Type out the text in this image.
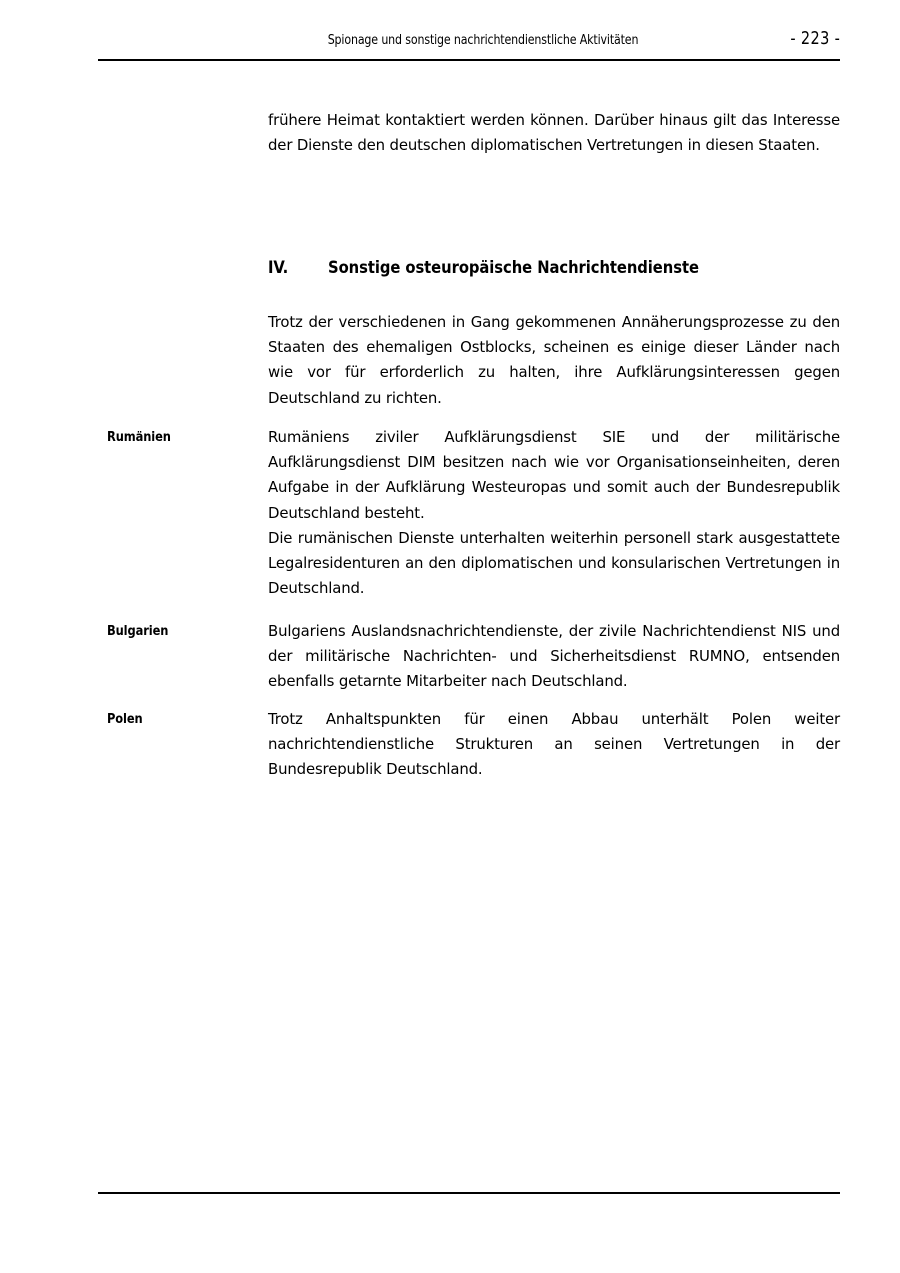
Spionage und sonstige nachrichtendienstliche Aktivitäten	- 223 -
frühere Heimat kontaktiert werden können. Darüber hinaus gilt das Interesse der Dienste den deutschen diplomatischen Vertretungen in diesen Staaten.
IV. Sonstige osteuropäische Nachrichtendienste
Trotz der verschiedenen in Gang gekommenen Annäherungsprozesse zu den Staaten des ehemaligen Ostblocks, scheinen es einige dieser Länder nach wie vor für erforderlich zu halten, ihre Aufklärungsinteressen gegen Deutschland zu richten.
Rumänien	Rumäniens ziviler Aufklärungsdienst SIE und der militärische Aufklärungsdienst DIM besitzen nach wie vor Organisationseinheiten, deren Aufgabe in der Aufklärung Westeuropas und somit auch der Bundesrepublik Deutschland besteht.
Die rumänischen Dienste unterhalten weiterhin personell stark ausgestattete Legalresidenturen an den diplomatischen und konsularischen Vertretungen in Deutschland.
Bulgarien	Bulgariens Auslandsnachrichtendienste, der zivile Nachrichtendienst NIS und der militärische Nachrichten- und Sicherheitsdienst RUMNO, entsenden ebenfalls getarnte Mitarbeiter nach Deutschland.
Polen	Trotz Anhaltspunkten für einen Abbau unterhält Polen weiter nachrichtendienstliche Strukturen an seinen Vertretungen in der Bundesrepublik Deutschland.
